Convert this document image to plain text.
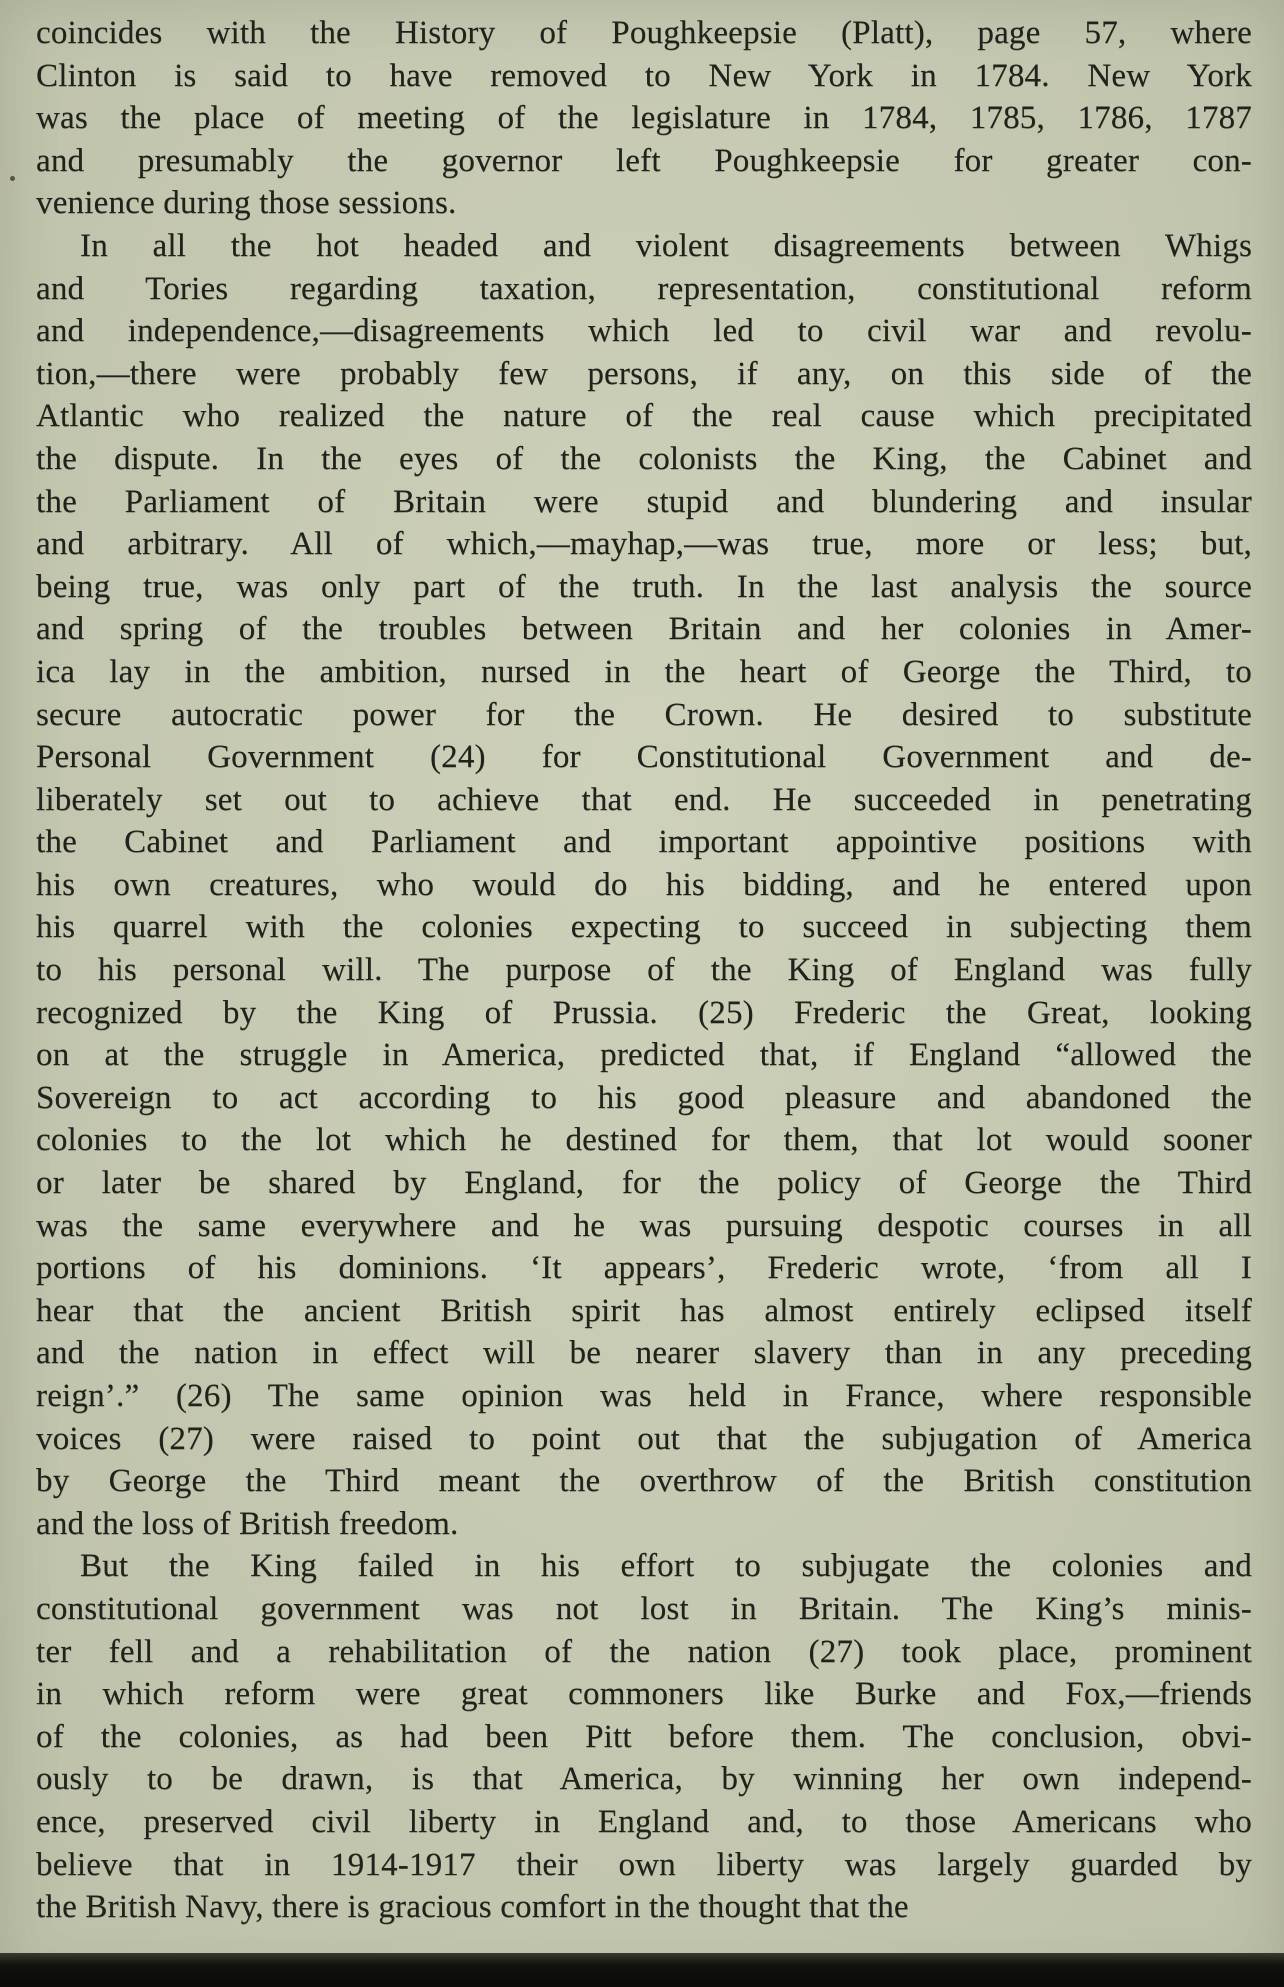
coincides with the History of Poughkeepsie (Platt), page 57, where
Clinton is said to have removed to New York in 1784. New York
was the place of meeting of the legislature in 1784, 1785, 1786, 1787
and presumably the governor left Poughkeepsie for greater con-
venience during those sessions.
In all the hot headed and violent disagreements between Whigs
and Tories regarding taxation, representation, constitutional reform
and independence,—disagreements which led to civil war and revolu-
tion,—there were probably few persons, if any, on this side of the
Atlantic who realized the nature of the real cause which precipitated
the dispute. In the eyes of the colonists the King, the Cabinet and
the Parliament of Britain were stupid and blundering and insular
and arbitrary. All of which,—mayhap,—was true, more or less; but,
being true, was only part of the truth. In the last analysis the source
and spring of the troubles between Britain and her colonies in Amer-
ica lay in the ambition, nursed in the heart of George the Third, to
secure autocratic power for the Crown. He desired to substitute
Personal Government (24) for Constitutional Government and de-
liberately set out to achieve that end. He succeeded in penetrating
the Cabinet and Parliament and important appointive positions with
his own creatures, who would do his bidding, and he entered upon
his quarrel with the colonies expecting to succeed in subjecting them
to his personal will. The purpose of the King of England was fully
recognized by the King of Prussia. (25) Frederic the Great, looking
on at the struggle in America, predicted that, if England “allowed the
Sovereign to act according to his good pleasure and abandoned the
colonies to the lot which he destined for them, that lot would sooner
or later be shared by England, for the policy of George the Third
was the same everywhere and he was pursuing despotic courses in all
portions of his dominions. ‘It appears’, Frederic wrote, ‘from all I
hear that the ancient British spirit has almost entirely eclipsed itself
and the nation in effect will be nearer slavery than in any preceding
reign’.” (26) The same opinion was held in France, where responsible
voices (27) were raised to point out that the subjugation of America
by George the Third meant the overthrow of the British constitution
and the loss of British freedom.
But the King failed in his effort to subjugate the colonies and
constitutional government was not lost in Britain. The King’s minis-
ter fell and a rehabilitation of the nation (27) took place, prominent
in which reform were great commoners like Burke and Fox,—friends
of the colonies, as had been Pitt before them. The conclusion, obvi-
ously to be drawn, is that America, by winning her own independ-
ence, preserved civil liberty in England and, to those Americans who
believe that in 1914-1917 their own liberty was largely guarded by
the British Navy, there is gracious comfort in the thought that the
